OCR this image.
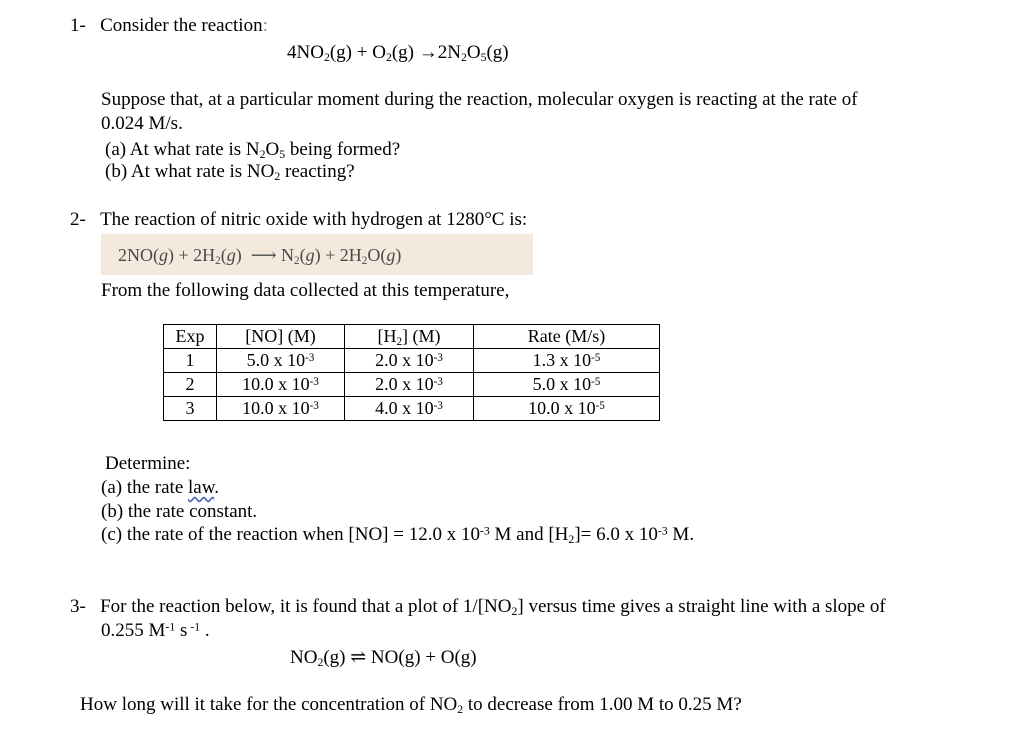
1- Consider the reaction:
$4NO_2(g) + O_2(g) \to 2N_2O_5(g)$
Suppose that, at a particular moment during the reaction, molecular oxygen is reacting at the rate of
0.024 M/s.
(a) At what rate is $N_2O_5$ being formed?
(b) At what rate is $NO_2$ reacting?
2- The reaction of nitric oxide with hydrogen at 1280°C is:
$2NO(g) + 2H_2(g)$  ⟶ $N_2(g) + 2H_2O(g)$
From the following data collected at this temperature,
Exp	[NO] (M)	$[H_2]$ (M)	Rate (M/s)
1	5.0 x $10^{-3}$	2.0 x $10^{-3}$	1.3 x $10^{-5}$
2	10.0 x $10^{-3}$	2.0 x $10^{-3}$	5.0 x $10^{-5}$
3	10.0 x $10^{-3}$	4.0 x $10^{-3}$	10.0 x $10^{-5}$
Determine:
(a) the rate law.
(b) the rate constant.
(c) the rate of the reaction when [NO] = 12.0 x $10^{-3}$ M and $[H_2]= 6.0$ x $10^{-3}$ M.
3- For the reaction below, it is found that a plot of $1/[NO_2]$ versus time gives a straight line with a slope of
0.255 $M^{-1}$ s $^{-1}$ .
$NO_2(g)$ ⇌ NO(g) + O(g)
How long will it take for the concentration of $NO_2$ to decrease from 1.00 M to 0.25 M?
